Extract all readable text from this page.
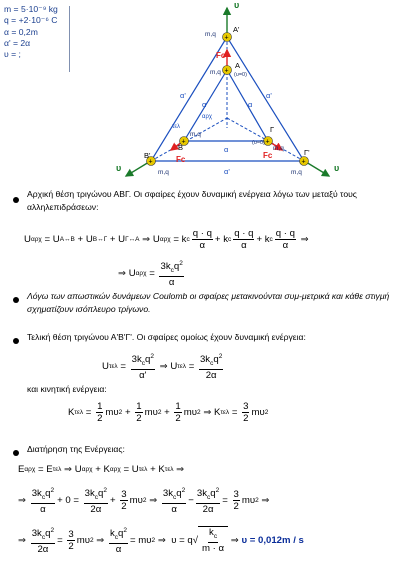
m = 5·10⁻⁹ kg
q = +2·10⁻⁶ C
α = 0,2m
α' = 2α
υ = ;
+
+	+
+
+	+
υ
υ	υ
m,q
A'
B'
m,q
Γ'
m,q
A
(υ=0)
m,q
Fc
B
m,q
Fc
Γ
(υ=0)
m,q
Fc
α'	α'
α'
α	α
α
αρχ
τελ
Αρχική θέση τριγώνου ΑΒΓ. Οι σφαίρες έχουν δυναμική ενέργεια λόγω των μεταξύ τους αλληλεπιδράσεων:
U αρχ
=
U Α↔Β
+
U Β↔Γ
+
U Γ↔Α
⇒
U αρχ
=
k c $\frac{q \cdot q}{\alpha}$ +
k c $\frac{q \cdot q}{\alpha}$ +
k c $\frac{q \cdot q}{\alpha}$
⇒
⇒
U αρχ
=
$\frac{3k_cq^2}{\alpha}$
Λόγω των απωστικών δυνάμεων Coulomb οι σφαίρες μετακινούνται συμ-μετρικά και κάθε στιγμή σχηματίζουν ισόπλευρο τρίγωνο.
Τελική θέση τριγώνου Α'Β'Γ'. Οι σφαίρες ομοίως έχουν δυναμική ενέργεια:
U τελ
=
$\frac{3k_cq^2}{\alpha'}$
⇒
U τελ
=
$\frac{3k_cq^2}{2\alpha}$
και κινητική ενέργεια:
K τελ
=
$\frac{1}{2}$ mυ 2
+
$\frac{1}{2}$ mυ 2
+
$\frac{1}{2}$ mυ 2
⇒
K τελ
=
$\frac{3}{2}$ mυ 2
Διατήρηση της Ενέργειας:
E αρχ
=
E τελ
⇒
U αρχ
+
K αρχ
=
U τελ
+
K τελ
⇒
⇒
$\frac{3k_cq^2}{\alpha}$ +
0
=
$\frac{3k_cq^2}{2\alpha}$ +
$\frac{3}{2}$ mυ 2
⇒
$\frac{3k_cq^2}{\alpha} - \frac{3k_cq^2}{2\alpha}$ =
$\frac{3}{2}$ mυ 2
⇒
⇒
$\frac{3k_cq^2}{2\alpha}$ =
$\frac{3}{2}$ mυ 2
⇒
$\frac{k_cq^2}{\alpha}$ =
mυ 2
⇒ υ = q √ $\frac{k_c}{m \cdot \alpha}$
⇒
υ = 0,012m / s
